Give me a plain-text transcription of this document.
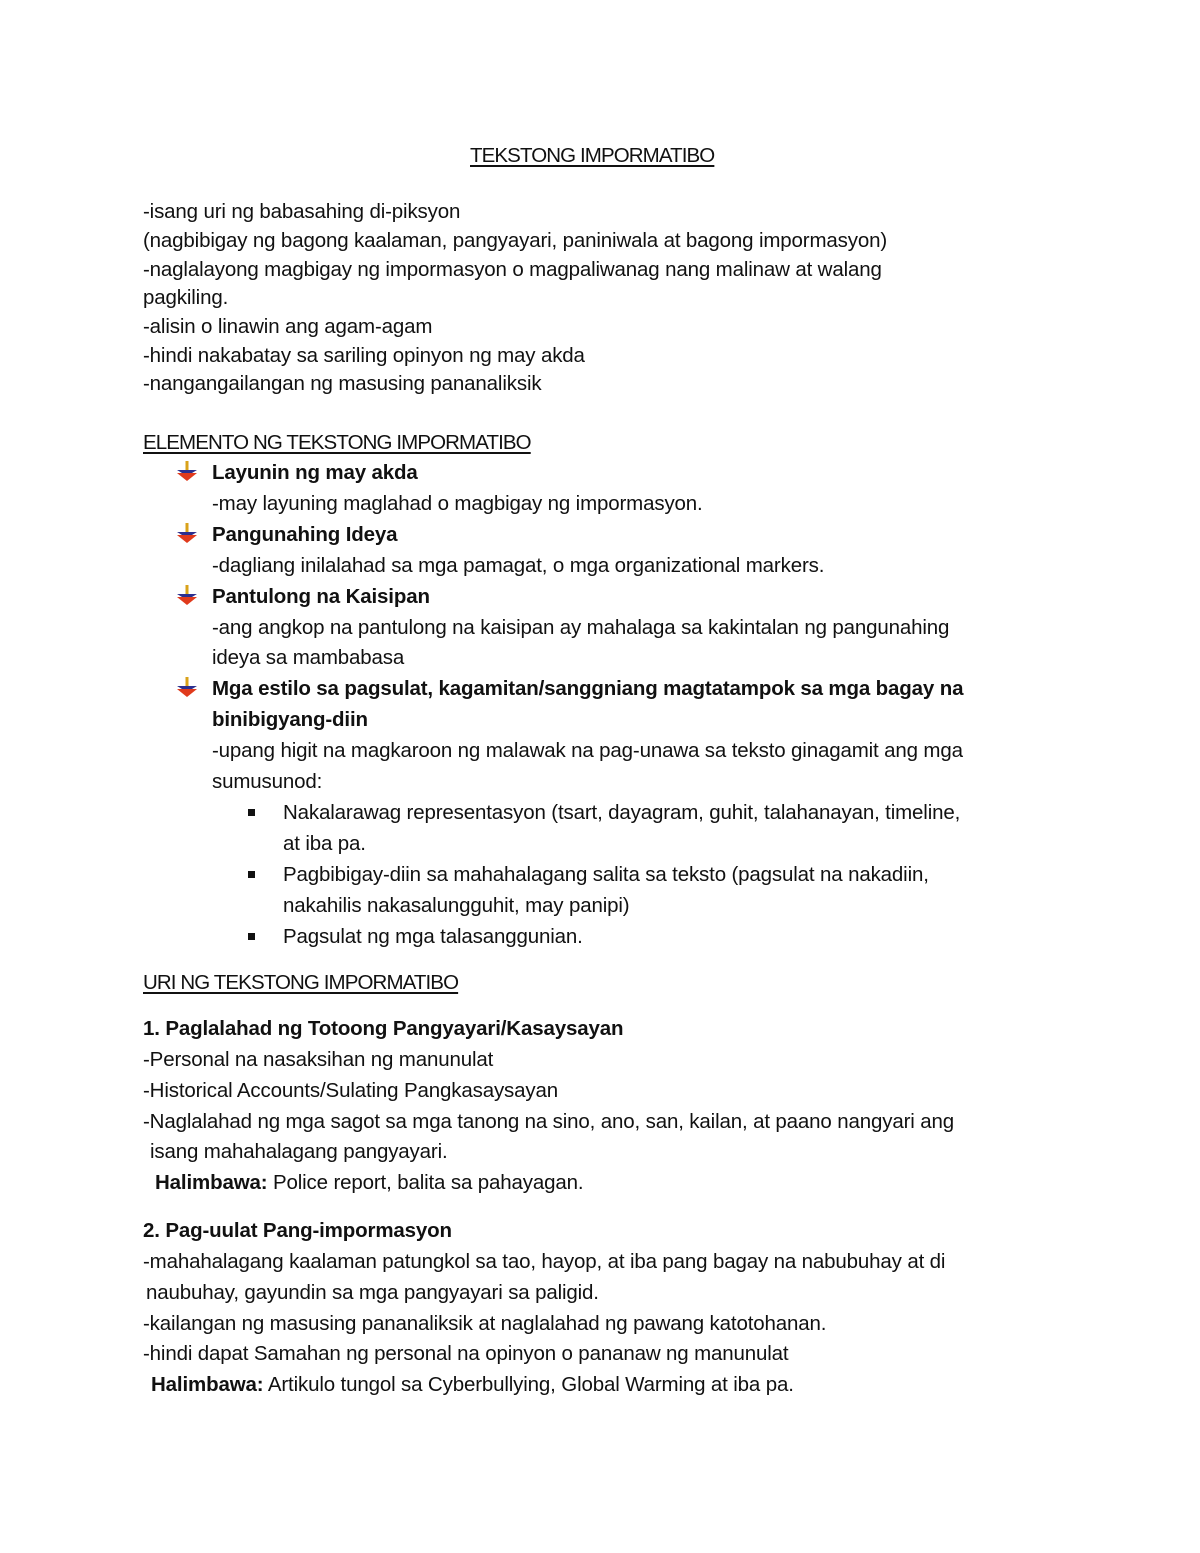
TEKSTONG IMPORMATIBO
-isang uri ng babasahing di-piksyon
(nagbibigay ng bagong kaalaman, pangyayari, paniniwala at bagong impormasyon)
-naglalayong magbigay ng impormasyon o magpaliwanag nang malinaw at walang
pagkiling.
-alisin o linawin ang agam-agam
-hindi nakabatay sa sariling opinyon ng may akda
-nangangailangan ng masusing pananaliksik
ELEMENTO NG TEKSTONG IMPORMATIBO
Layunin ng may akda
-may layuning maglahad o magbigay ng impormasyon.
Pangunahing Ideya
-dagliang inilalahad sa mga pamagat, o mga organizational markers.
Pantulong na Kaisipan
-ang angkop na pantulong na kaisipan ay mahalaga sa kakintalan ng pangunahing
ideya sa mambabasa
Mga estilo sa pagsulat, kagamitan/sanggniang magtatampok sa mga bagay na
binibigyang-diin
-upang higit na magkaroon ng malawak na pag-unawa sa teksto ginagamit ang mga
sumusunod:
Nakalarawag representasyon (tsart, dayagram, guhit, talahanayan, timeline,
at iba pa.
Pagbibigay-diin sa mahahalagang salita sa teksto (pagsulat na nakadiin,
nakahilis nakasalungguhit, may panipi)
Pagsulat ng mga talasanggunian.
URI NG TEKSTONG IMPORMATIBO
1. Paglalahad ng Totoong Pangyayari/Kasaysayan
-Personal na nasaksihan ng manunulat
-Historical Accounts/Sulating Pangkasaysayan
-Naglalahad ng mga sagot sa mga tanong na sino, ano, san, kailan, at paano nangyari ang
isang mahahalagang pangyayari.
Halimbawa: Police report, balita sa pahayagan.
2. Pag-uulat Pang-impormasyon
-mahahalagang kaalaman patungkol sa tao, hayop, at iba pang bagay na nabubuhay at di
naubuhay, gayundin sa mga pangyayari sa paligid.
-kailangan ng masusing pananaliksik at naglalahad ng pawang katotohanan.
-hindi dapat Samahan ng personal na opinyon o pananaw ng manunulat
Halimbawa: Artikulo tungol sa Cyberbullying, Global Warming at iba pa.
